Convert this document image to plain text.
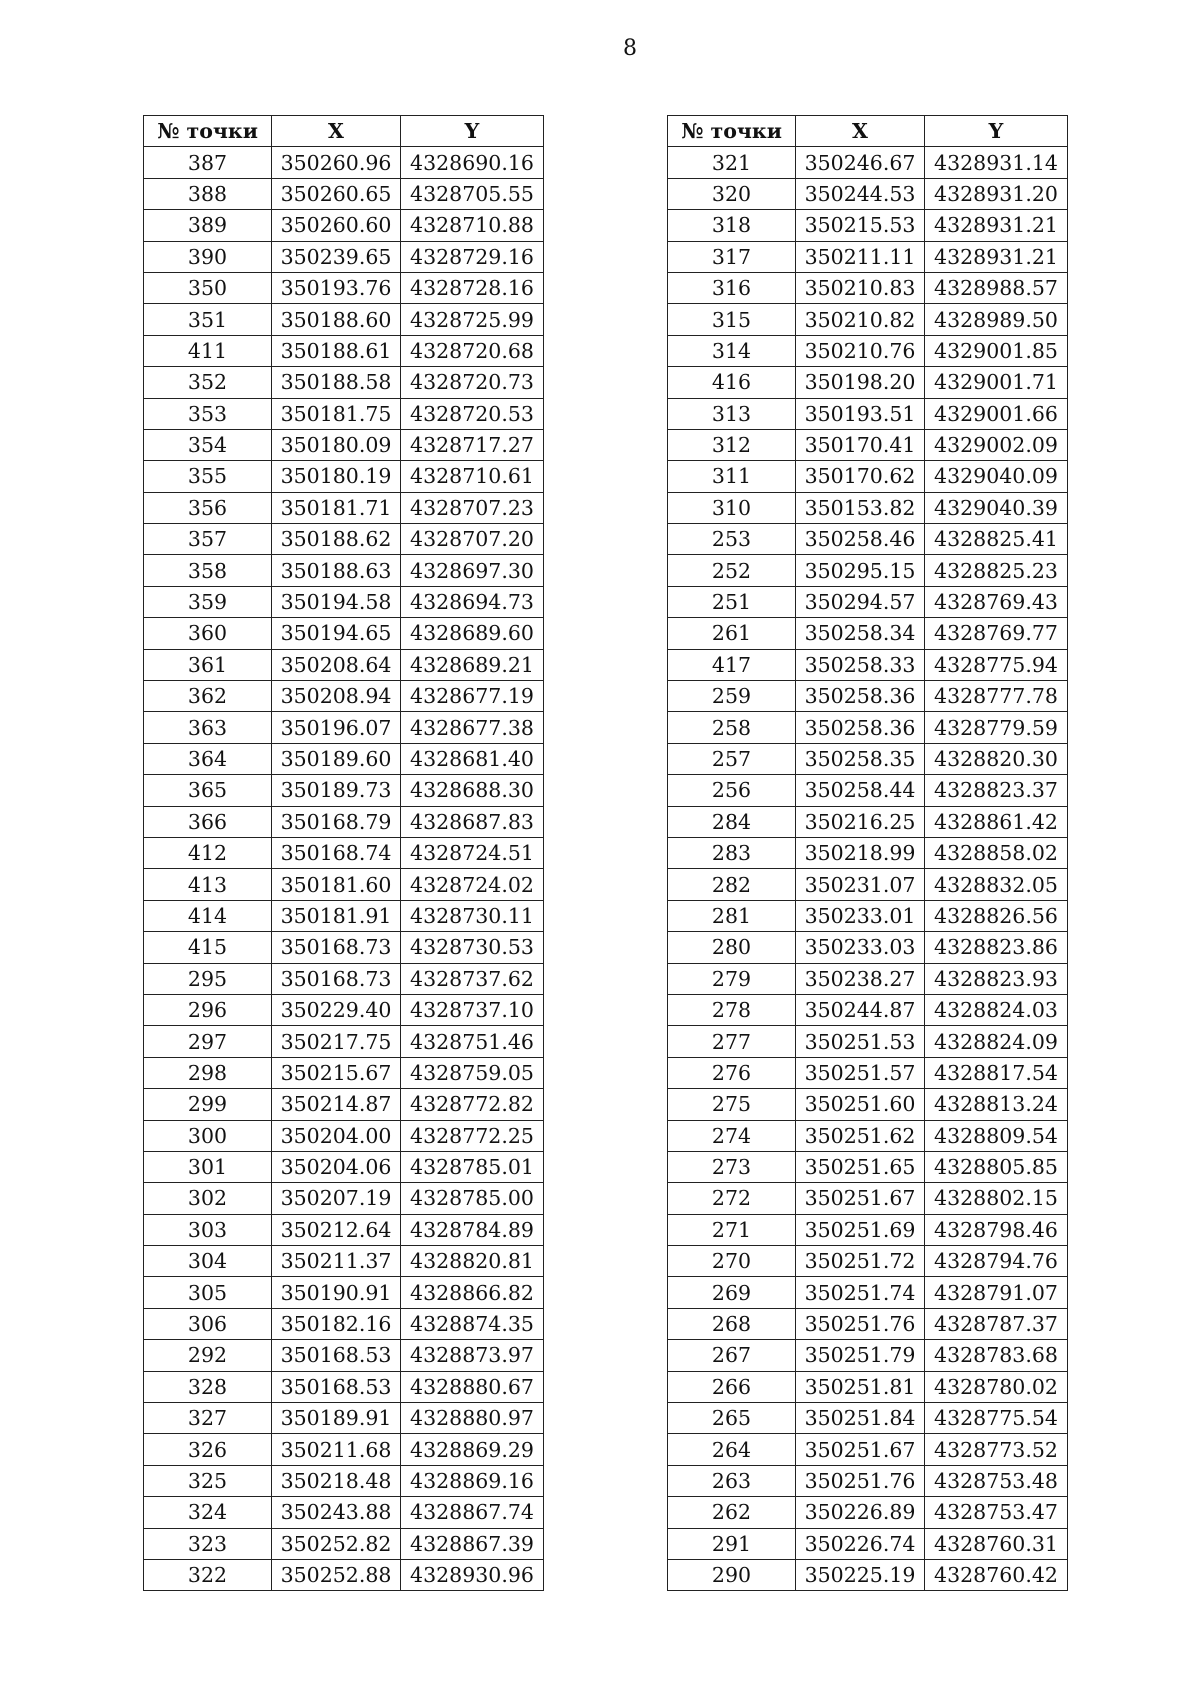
8
№ точки	X	Y
387	350260.96	4328690.16
388	350260.65	4328705.55
389	350260.60	4328710.88
390	350239.65	4328729.16
350	350193.76	4328728.16
351	350188.60	4328725.99
411	350188.61	4328720.68
352	350188.58	4328720.73
353	350181.75	4328720.53
354	350180.09	4328717.27
355	350180.19	4328710.61
356	350181.71	4328707.23
357	350188.62	4328707.20
358	350188.63	4328697.30
359	350194.58	4328694.73
360	350194.65	4328689.60
361	350208.64	4328689.21
362	350208.94	4328677.19
363	350196.07	4328677.38
364	350189.60	4328681.40
365	350189.73	4328688.30
366	350168.79	4328687.83
412	350168.74	4328724.51
413	350181.60	4328724.02
414	350181.91	4328730.11
415	350168.73	4328730.53
295	350168.73	4328737.62
296	350229.40	4328737.10
297	350217.75	4328751.46
298	350215.67	4328759.05
299	350214.87	4328772.82
300	350204.00	4328772.25
301	350204.06	4328785.01
302	350207.19	4328785.00
303	350212.64	4328784.89
304	350211.37	4328820.81
305	350190.91	4328866.82
306	350182.16	4328874.35
292	350168.53	4328873.97
328	350168.53	4328880.67
327	350189.91	4328880.97
326	350211.68	4328869.29
325	350218.48	4328869.16
324	350243.88	4328867.74
323	350252.82	4328867.39
322	350252.88	4328930.96
№ точки	X	Y
321	350246.67	4328931.14
320	350244.53	4328931.20
318	350215.53	4328931.21
317	350211.11	4328931.21
316	350210.83	4328988.57
315	350210.82	4328989.50
314	350210.76	4329001.85
416	350198.20	4329001.71
313	350193.51	4329001.66
312	350170.41	4329002.09
311	350170.62	4329040.09
310	350153.82	4329040.39
253	350258.46	4328825.41
252	350295.15	4328825.23
251	350294.57	4328769.43
261	350258.34	4328769.77
417	350258.33	4328775.94
259	350258.36	4328777.78
258	350258.36	4328779.59
257	350258.35	4328820.30
256	350258.44	4328823.37
284	350216.25	4328861.42
283	350218.99	4328858.02
282	350231.07	4328832.05
281	350233.01	4328826.56
280	350233.03	4328823.86
279	350238.27	4328823.93
278	350244.87	4328824.03
277	350251.53	4328824.09
276	350251.57	4328817.54
275	350251.60	4328813.24
274	350251.62	4328809.54
273	350251.65	4328805.85
272	350251.67	4328802.15
271	350251.69	4328798.46
270	350251.72	4328794.76
269	350251.74	4328791.07
268	350251.76	4328787.37
267	350251.79	4328783.68
266	350251.81	4328780.02
265	350251.84	4328775.54
264	350251.67	4328773.52
263	350251.76	4328753.48
262	350226.89	4328753.47
291	350226.74	4328760.31
290	350225.19	4328760.42
